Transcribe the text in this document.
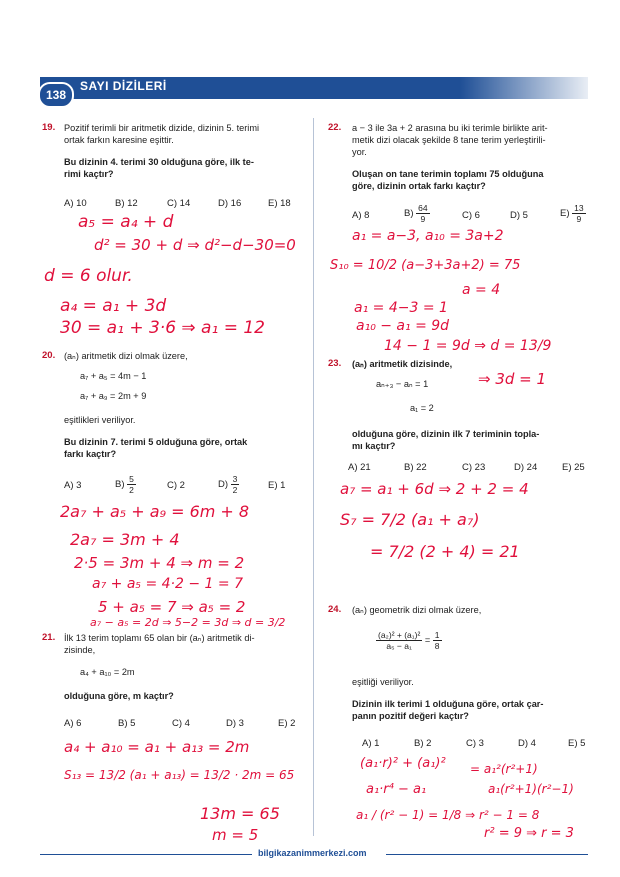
138
SAYI DİZİLERİ
19. Pozitif terimli bir aritmetik dizide, dizinin 5. terimi
ortak farkın karesine eşittir.
Bu dizinin 4. terimi 30 olduğuna göre, ilk te-
rimi kaçtır?
A) 10	B) 12	C) 14	D) 16	E) 18
a₅ = a₄ + d
d² = 30 + d ⇒ d²−d−30=0
d = 6 olur.
a₄ = a₁ + 3d
30 = a₁ + 3·6 ⇒ a₁ = 12
20. (aₙ) aritmetik dizi olmak üzere,
a₇ + a₅ = 4m − 1
a₇ + a₉ = 2m + 9
eşitlikleri veriliyor.
Bu dizinin 7. terimi 5 olduğuna göre, ortak
farkı kaçtır?
A) 3	$B) \frac{5}{2}$	C) 2	$D) \frac{3}{2}$	E) 1
2a₇ + a₅ + a₉ = 6m + 8
2a₇ = 3m + 4
2·5 = 3m + 4 ⇒ m = 2
a₇ + a₅ = 4·2 − 1 = 7
5 + a₅ = 7 ⇒ a₅ = 2
a₇ − a₅ = 2d ⇒ 5−2 = 3d ⇒ d = 3/2
21. İlk 13 terim toplamı 65 olan bir (aₙ) aritmetik di-
zisinde,
a₄ + a₁₀ = 2m
olduğuna göre, m kaçtır?
A) 6	B) 5	C) 4	D) 3	E) 2
a₄ + a₁₀ = a₁ + a₁₃ = 2m
S₁₃ = 13/2 (a₁ + a₁₃) = 13/2 · 2m = 65
13m = 65
m = 5
22. a − 3 ile 3a + 2 arasına bu iki terimle birlikte arit-
metik dizi olacak şekilde 8 tane terim yerleştirili-
yor.
Oluşan on tane terimin toplamı 75 olduğuna
göre, dizinin ortak farkı kaçtır?
A) 8	$B) \frac{64}{9}$	C) 6	D) 5	$E) \frac{13}{9}$
a₁ = a−3, a₁₀ = 3a+2
S₁₀ = 10/2 (a−3+3a+2) = 75
a = 4
a₁ = 4−3 = 1
a₁₀ − a₁ = 9d
14 − 1 = 9d ⇒ d = 13/9
23. (aₙ) aritmetik dizisinde,
aₙ₊₃ − aₙ = 1	⇒ 3d = 1
a₁ = 2
olduğuna göre, dizinin ilk 7 teriminin topla-
mı kaçtır?
A) 21	B) 22	C) 23	D) 24	E) 25
a₇ = a₁ + 6d ⇒ 2 + 2 = 4
S₇ = 7/2 (a₁ + a₇)
= 7/2 (2 + 4) = 21
24. (aₙ) geometrik dizi olmak üzere,
$\frac{\text{(a₂)² + (a₁)²}}{\text{a₅ − a₁}} = \frac{1}{8}$
eşitliği veriliyor.
Dizinin ilk terimi 1 olduğuna göre, ortak çar-
panın pozitif değeri kaçtır?
A) 1	B) 2	C) 3	D) 4	E) 5
(a₁·r)² + (a₁)²
a₁·r⁴ − a₁
= a₁²(r²+1)
a₁(r²+1)(r²−1)
a₁ / (r² − 1) = 1/8 ⇒ r² − 1 = 8
r² = 9 ⇒ r = 3
bilgikazanimmerkezi.com
